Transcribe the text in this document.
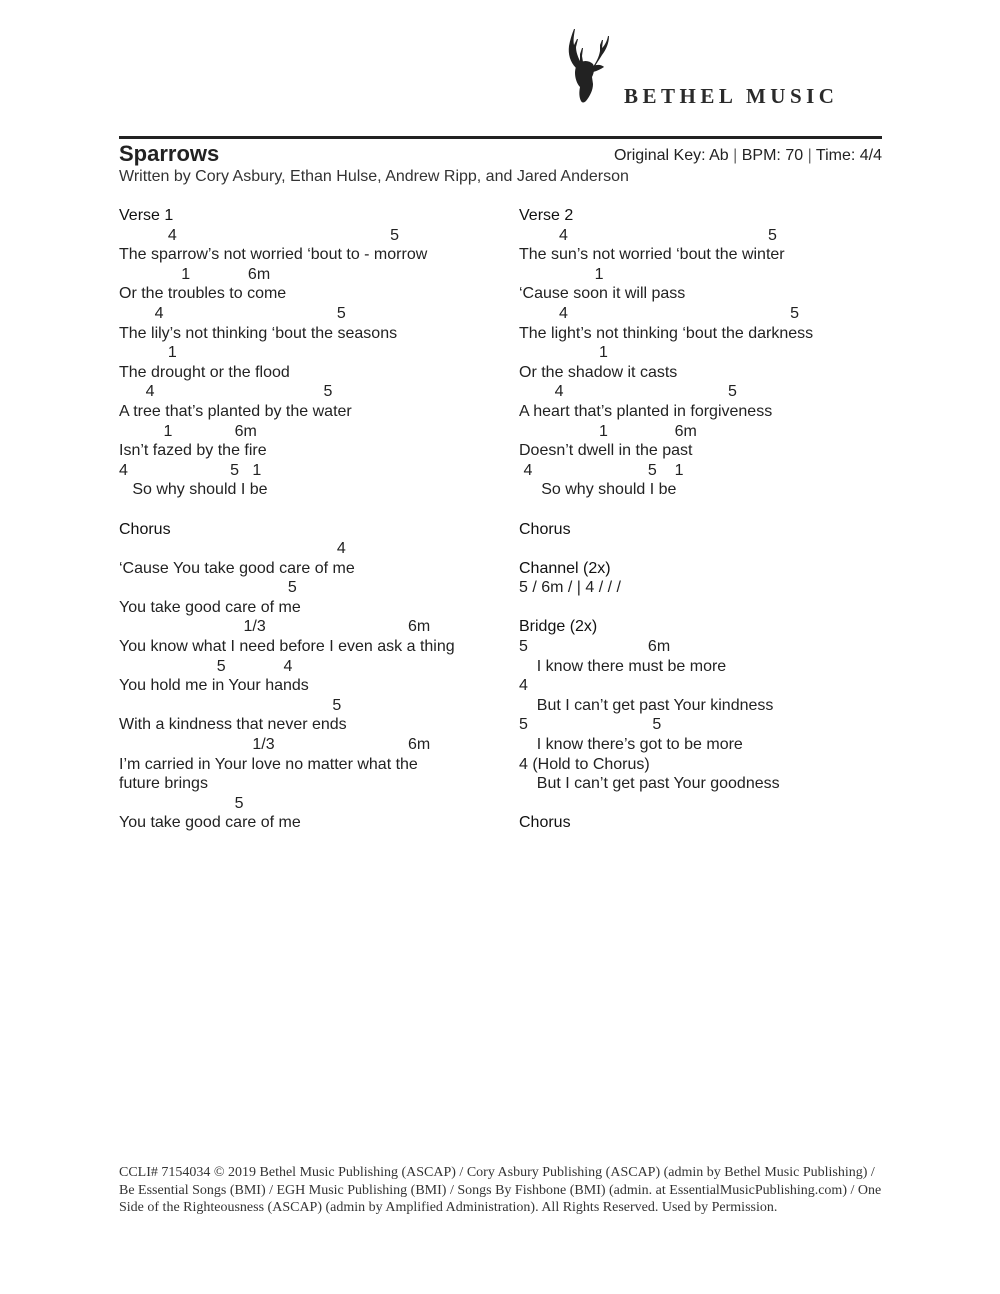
BETHEL MUSIC
Sparrows	Original Key: Ab | BPM: 70 | Time: 4/4
Written by Cory Asbury, Ethan Hulse, Andrew Ripp, and Jared Anderson
Verse 1
4                                                5
The sparrow’s not worried ‘bout to - morrow
1             6m
Or the troubles to come
4                                       5
The lily’s not thinking ‘bout the seasons
1
The drought or the flood
4                                      5
A tree that’s planted by the water
1              6m
Isn’t fazed by the fire
4                       5   1
So why should I be
Chorus
4
‘Cause You take good care of me
5
You take good care of me
1/3                                6m
You know what I need before I even ask a thing
5             4
You hold me in Your hands
5
With a kindness that never ends
1/3                              6m
I’m carried in Your love no matter what the
future brings
5
You take good care of me
Verse 2
4                                             5
The sun’s not worried ‘bout the winter
1
‘Cause soon it will pass
4                                                  5
The light’s not thinking ‘bout the darkness
1
Or the shadow it casts
4                                     5
A heart that’s planted in forgiveness
1               6m
Doesn’t dwell in the past
4                          5    1
So why should I be
Chorus
Channel (2x)
5 / 6m / | 4 / / /
Bridge (2x)
5                           6m
I know there must be more
4
But I can’t get past Your kindness
5                            5
I know there’s got to be more
4 (Hold to Chorus)
But I can’t get past Your goodness
Chorus
CCLI# 7154034 © 2019 Bethel Music Publishing (ASCAP) / Cory Asbury Publishing (ASCAP) (admin by Bethel Music Publishing) / Be Essential Songs (BMI) / EGH Music Publishing (BMI) / Songs By Fishbone (BMI) (admin. at EssentialMusicPublishing.com) / One Side of the Righteousness (ASCAP) (admin by Amplified Administration). All Rights Reserved. Used by Permission.
